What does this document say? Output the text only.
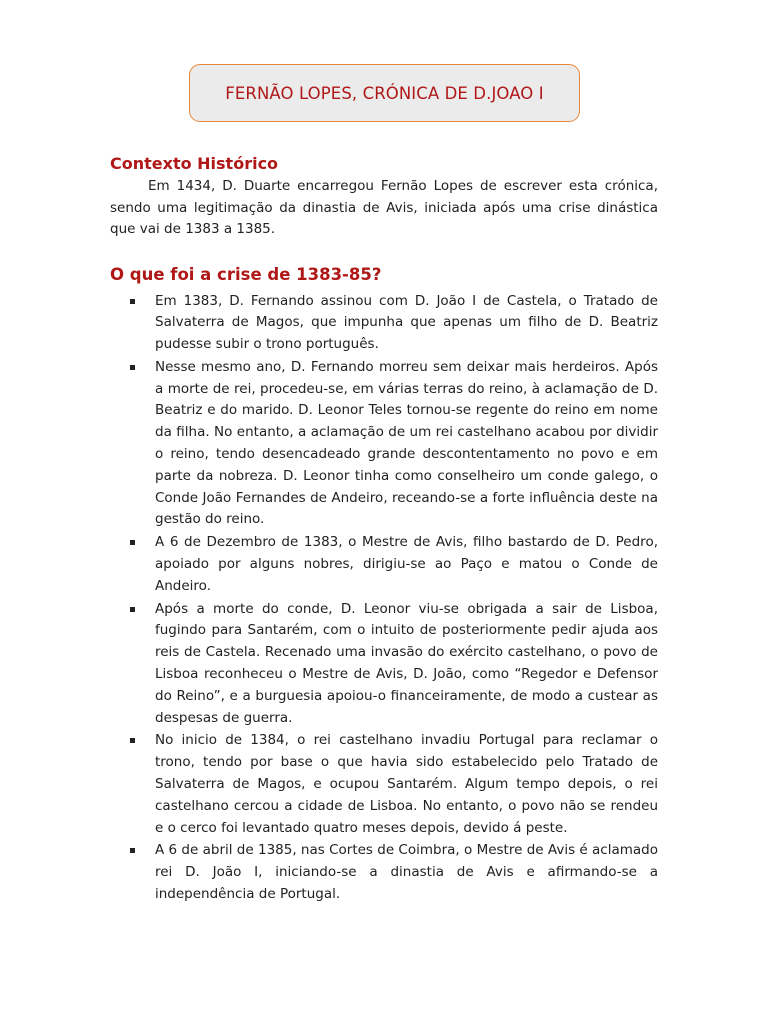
FERNÃO LOPES, CRÓNICA DE D.JOAO I
Contexto Histórico

Em 1434, D. Duarte encarregou Fernão Lopes de escrever esta crónica, sendo uma legitimação da dinastia de Avis, iniciada após uma crise dinástica que vai de 1383 a 1385.

O que foi a crise de 1383-85?
Em 1383, D. Fernando assinou com D. João I de Castela, o Tratado de Salvaterra de Magos, que impunha que apenas um filho de D. Beatriz pudesse subir o trono português.
Nesse mesmo ano, D. Fernando morreu sem deixar mais herdeiros. Após a morte de rei, procedeu-se, em várias terras do reino, à aclamação de D. Beatriz e do marido. D. Leonor Teles tornou-se regente do reino em nome da filha. No entanto, a aclamação de um rei castelhano acabou por dividir o reino, tendo desencadeado grande descontentamento no povo e em parte da nobreza. D. Leonor tinha como conselheiro um conde galego, o Conde João Fernandes de Andeiro, receando-se a forte influência deste na gestão do reino.
A 6 de Dezembro de 1383, o Mestre de Avis, filho bastardo de D. Pedro, apoiado por alguns nobres, dirigiu-se ao Paço e matou o Conde de Andeiro.
Após a morte do conde, D. Leonor viu-se obrigada a sair de Lisboa, fugindo para Santarém, com o intuito de posteriormente pedir ajuda aos reis de Castela. Recenado uma invasão do exército castelhano, o povo de Lisboa reconheceu o Mestre de Avis, D. João, como “Regedor e Defensor do Reino”, e a burguesia apoiou-o financeiramente, de modo a custear as despesas de guerra.
No inicio de 1384, o rei castelhano invadiu Portugal para reclamar o trono, tendo por base o que havia sido estabelecido pelo Tratado de Salvaterra de Magos, e ocupou Santarém. Algum tempo depois, o rei castelhano cercou a cidade de Lisboa. No entanto, o povo não se rendeu e o cerco foi levantado quatro meses depois, devido á peste.
A 6 de abril de 1385, nas Cortes de Coimbra, o Mestre de Avis é aclamado rei D. João I, iniciando-se a dinastia de Avis e afirmando-se a independência de Portugal.
